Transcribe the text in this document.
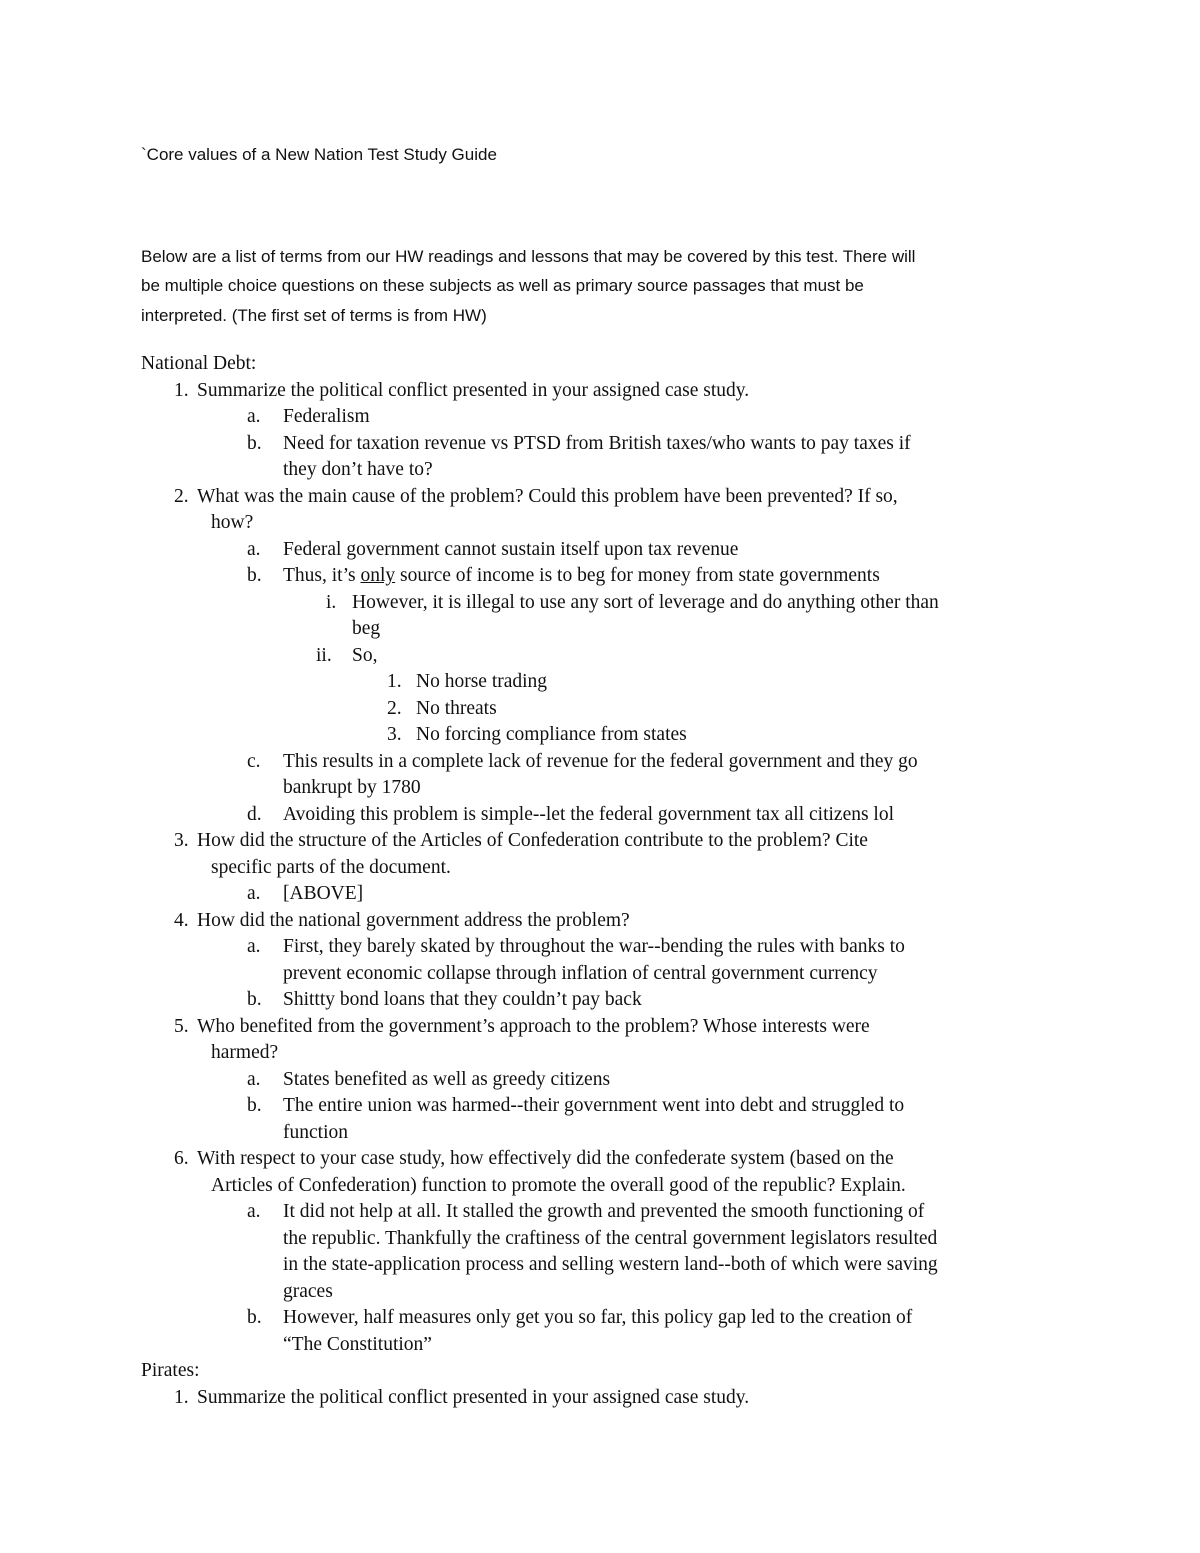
`Core values of a New Nation Test Study Guide
Below are a list of terms from our HW readings and lessons that may be covered by this test. There will
be multiple choice questions on these subjects as well as primary source passages that must be
interpreted. (The first set of terms is from HW)
National Debt:
1. Summarize the political conflict presented in your assigned case study.
a. Federalism
b. Need for taxation revenue vs PTSD from British taxes/who wants to pay taxes if
they don’t have to?
2. What was the main cause of the problem? Could this problem have been prevented? If so,
how?
a. Federal government cannot sustain itself upon tax revenue
b. Thus, it’s only source of income is to beg for money from state governments
i. However, it is illegal to use any sort of leverage and do anything other than
beg
ii. So,
1. No horse trading
2. No threats
3. No forcing compliance from states
c. This results in a complete lack of revenue for the federal government and they go
bankrupt by 1780
d. Avoiding this problem is simple--let the federal government tax all citizens lol
3. How did the structure of the Articles of Confederation contribute to the problem? Cite
specific parts of the document.
a. [ABOVE]
4. How did the national government address the problem?
a. First, they barely skated by throughout the war--bending the rules with banks to
prevent economic collapse through inflation of central government currency
b. Shittty bond loans that they couldn’t pay back
5. Who benefited from the government’s approach to the problem? Whose interests were
harmed?
a. States benefited as well as greedy citizens
b. The entire union was harmed--their government went into debt and struggled to
function
6. With respect to your case study, how effectively did the confederate system (based on the
Articles of Confederation) function to promote the overall good of the republic? Explain.
a. It did not help at all. It stalled the growth and prevented the smooth functioning of
the republic. Thankfully the craftiness of the central government legislators resulted
in the state-application process and selling western land--both of which were saving
graces
b. However, half measures only get you so far, this policy gap led to the creation of
“The Constitution”
Pirates:
1. Summarize the political conflict presented in your assigned case study.
